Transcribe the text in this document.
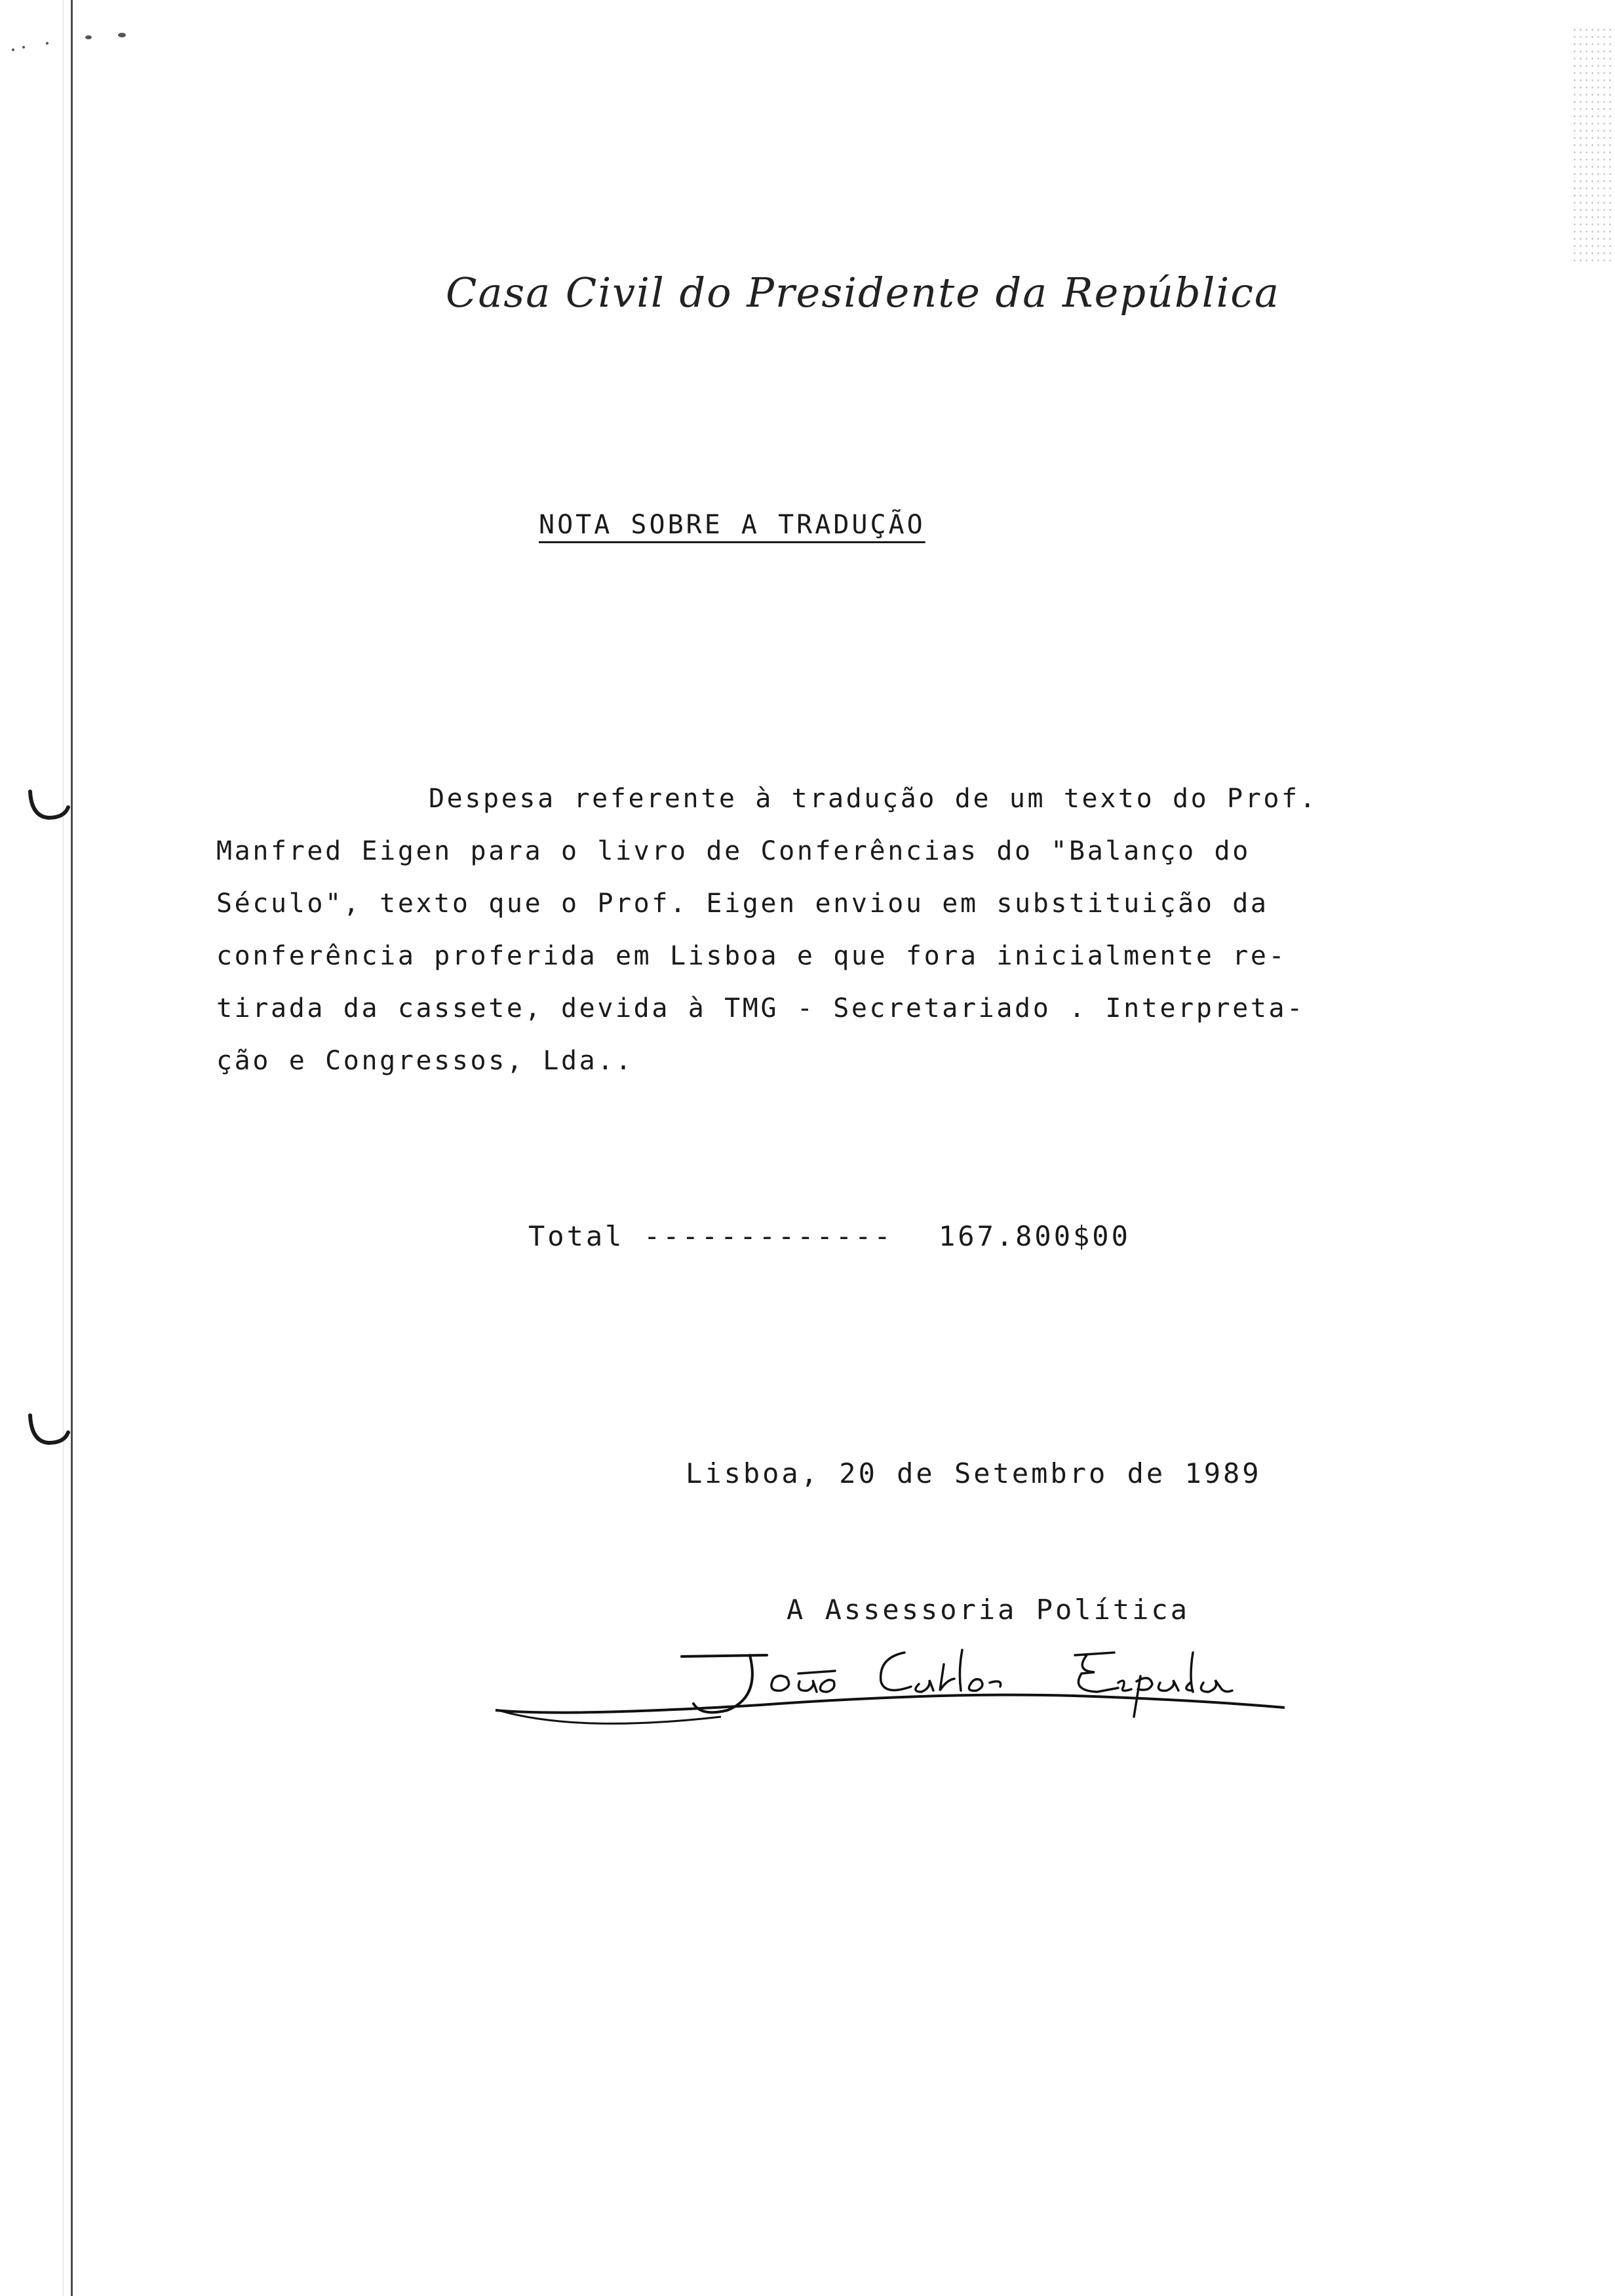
Casa Civil do Presidente da República
NOTA SOBRE A TRADUÇÃO
Despesa referente à tradução de um texto do Prof.
Manfred Eigen para o livro de Conferências do "Balanço do
Século", texto que o Prof. Eigen enviou em substituição da
conferência proferida em Lisboa e que fora inicialmente re-
tirada da cassete, devida à TMG - Secretariado . Interpreta-
ção e Congressos, Lda..
Total ------------- 167.800$00
Lisboa, 20 de Setembro de 1989
A Assessoria Política
